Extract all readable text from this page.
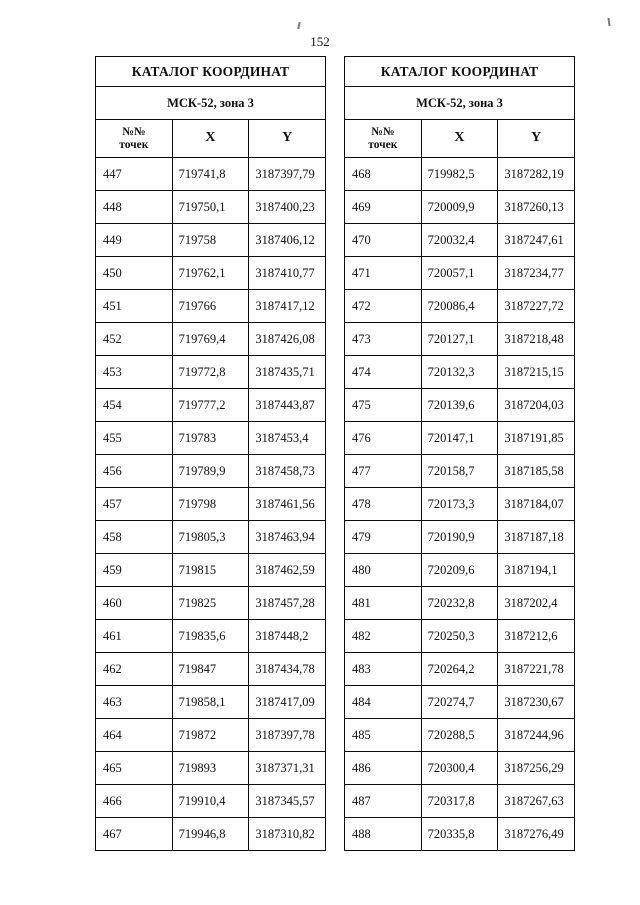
152
КАТАЛОГ КООРДИНАТ		
МСК-52, зона 3		

№№
точек	X	Y
447	719741,8	3187397,79
448	719750,1	3187400,23
449	719758	3187406,12
450	719762,1	3187410,77
451	719766	3187417,12
452	719769,4	3187426,08
453	719772,8	3187435,71
454	719777,2	3187443,87
455	719783	3187453,4
456	719789,9	3187458,73
457	719798	3187461,56
458	719805,3	3187463,94
459	719815	3187462,59
460	719825	3187457,28
461	719835,6	3187448,2
462	719847	3187434,78
463	719858,1	3187417,09
464	719872	3187397,78
465	719893	3187371,31
466	719910,4	3187345,57
467	719946,8	3187310,82
КАТАЛОГ КООРДИНАТ		
МСК-52, зона 3		

№№
точек	X	Y
468	719982,5	3187282,19
469	720009,9	3187260,13
470	720032,4	3187247,61
471	720057,1	3187234,77
472	720086,4	3187227,72
473	720127,1	3187218,48
474	720132,3	3187215,15
475	720139,6	3187204,03
476	720147,1	3187191,85
477	720158,7	3187185,58
478	720173,3	3187184,07
479	720190,9	3187187,18
480	720209,6	3187194,1
481	720232,8	3187202,4
482	720250,3	3187212,6
483	720264,2	3187221,78
484	720274,7	3187230,67
485	720288,5	3187244,96
486	720300,4	3187256,29
487	720317,8	3187267,63
488	720335,8	3187276,49
